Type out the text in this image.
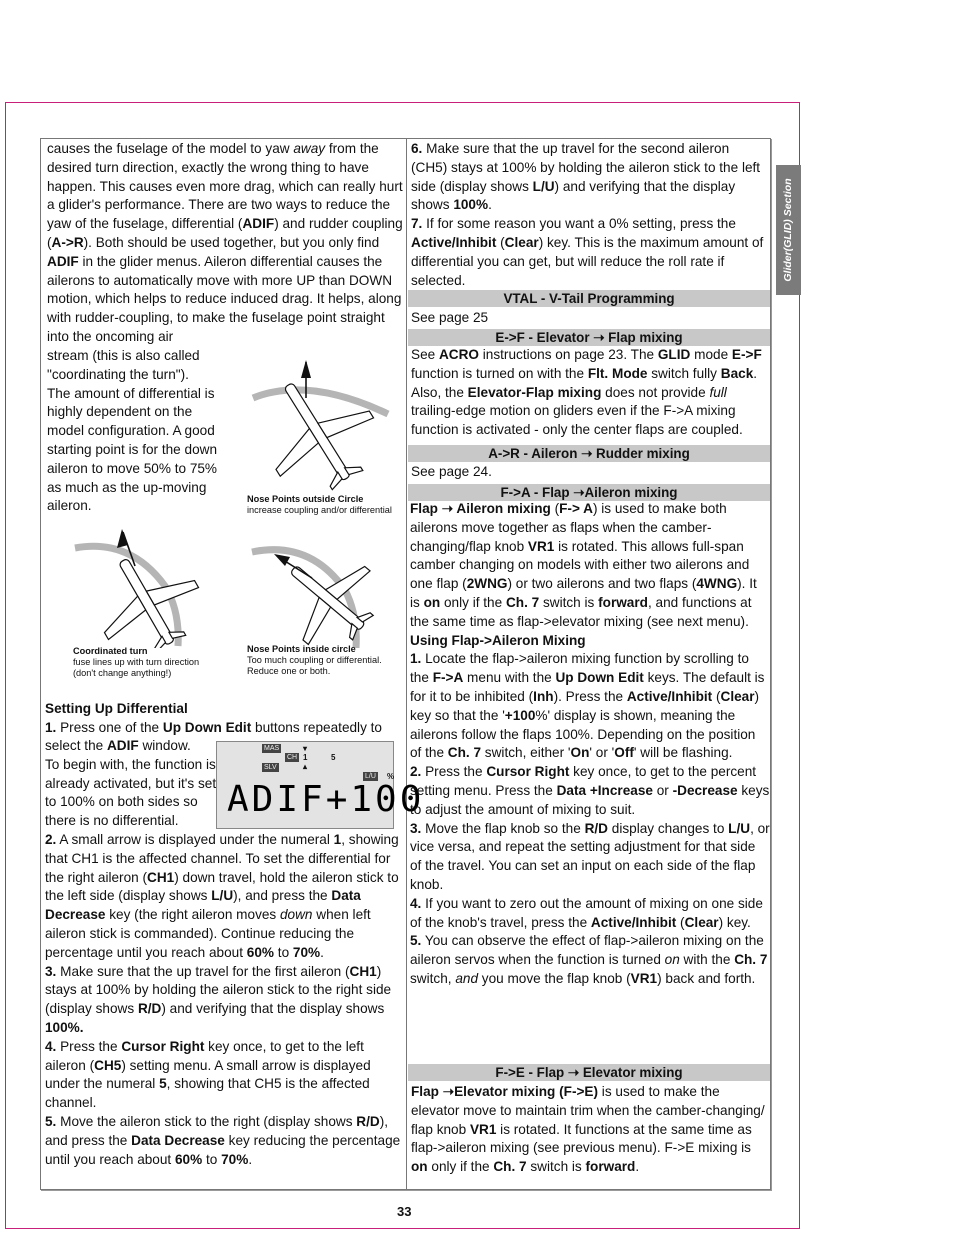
Glider(GLID) Section

causes the fuselage of the model to yaw away from the desired turn direction, exactly the wrong thing to have happen. This causes even more drag, which can really hurt a glider's performance. There are two ways to reduce the yaw of the fuselage, differential (ADIF) and rudder coupling (A->R). Both should be used together, but you only find ADIF in the glider menus. Aileron differential causes the ailerons to automatically move with more UP than DOWN motion, which helps to reduce induced drag. It helps, along with rudder-coupling, to make the fuselage point straight into the oncoming air

stream (this is also called "coordinating the turn").
The amount of differential is highly dependent on the model configuration. A good starting point is for the down aileron to move 50% to 75% as much as the up-moving aileron.	Nose Points outside Circle
increase coupling and/or differential
Coordinated turn
fuse lines up with turn direction (don't change anything!)
Nose Points inside circle
Too much coupling or differential. Reduce one or both.

Setting Up Differential

1. Press one of the Up Down Edit buttons repeatedly to

select the ADIF window.
To begin with, the function is already activated, but it's set to 100% on both sides so there is no differential.

MAS
SLV
CH
▾
1
▴
5
L/U %
ADIF+100

2. A small arrow is displayed under the numeral 1, showing that CH1 is the affected channel. To set the differential for the right aileron (CH1) down travel, hold the aileron stick to the left side (display shows L/U), and press the Data Decrease key (the right aileron moves down when left aileron stick is commanded). Continue reducing the percentage until you reach about 60% to 70%.
3. Make sure that the up travel for the first aileron (CH1) stays at 100% by holding the aileron stick to the right side (display shows R/D) and verifying that the display shows 100%.
4. Press the Cursor Right key once, to get to the left aileron (CH5) setting menu. A small arrow is displayed under the numeral 5, showing that CH5 is the affected channel.
5. Move the aileron stick to the right (display shows R/D), and press the Data Decrease key reducing the percentage until you reach about 60% to 70%.

6. Make sure that the up travel for the second aileron (CH5) stays at 100% by holding the aileron stick to the left side (display shows L/U) and verifying that the display shows 100%.
7. If for some reason you want a 0% setting, press the Active/Inhibit (Clear) key. This is the maximum amount of differential you can get, but will reduce the roll rate if selected.

VTAL - V-Tail Programming

See page 25

E->F - Elevator ➝ Flap mixing

See ACRO instructions on page 23. The GLID mode E->F function is turned on with the Flt. Mode switch fully Back. Also, the Elevator-Flap mixing does not provide full trailing-edge motion on gliders even if the F->A mixing function is activated - only the center flaps are coupled.

A->R - Aileron ➝ Rudder mixing

See page 24.

F->A - Flap ➝Aileron mixing

Flap ➝ Aileron mixing (F-> A) is used to make both ailerons move together as flaps when the camber-changing/flap knob VR1 is rotated. This allows full-span camber changing on models with either two ailerons and one flap (2WNG) or two ailerons and two flaps (4WNG). It is on only if the Ch. 7 switch is forward, and functions at the same time as flap->elevator mixing (see next menu).
Using Flap->Aileron Mixing
1. Locate the flap->aileron mixing function by scrolling to the F->A menu with the Up Down Edit keys. The default is for it to be inhibited (Inh). Press the Active/Inhibit (Clear) key so that the '+100%' display is shown, meaning the ailerons follow the flaps 100%. Depending on the position of the Ch. 7 switch, either 'On' or 'Off' will be flashing.
2. Press the Cursor Right key once, to get to the percent setting menu. Press the Data +Increase or -Decrease keys to adjust the amount of mixing to suit.
3. Move the flap knob so the R/D display changes to L/U, or vice versa, and repeat the setting adjustment for that side of the travel. You can set an input on each side of the flap knob.
4. If you want to zero out the amount of mixing on one side of the knob's travel, press the Active/Inhibit (Clear) key.
5. You can observe the effect of flap->aileron mixing on the aileron servos when the function is turned on with the Ch. 7 switch, and you move the flap knob (VR1) back and forth.

F->E - Flap ➝ Elevator mixing

Flap ➝Elevator mixing (F->E) is used to make the elevator move to maintain trim when the camber-changing/ flap knob VR1 is rotated. It functions at the same time as flap->aileron mixing (see previous menu). F->E mixing is on only if the Ch. 7 switch is forward.

33
